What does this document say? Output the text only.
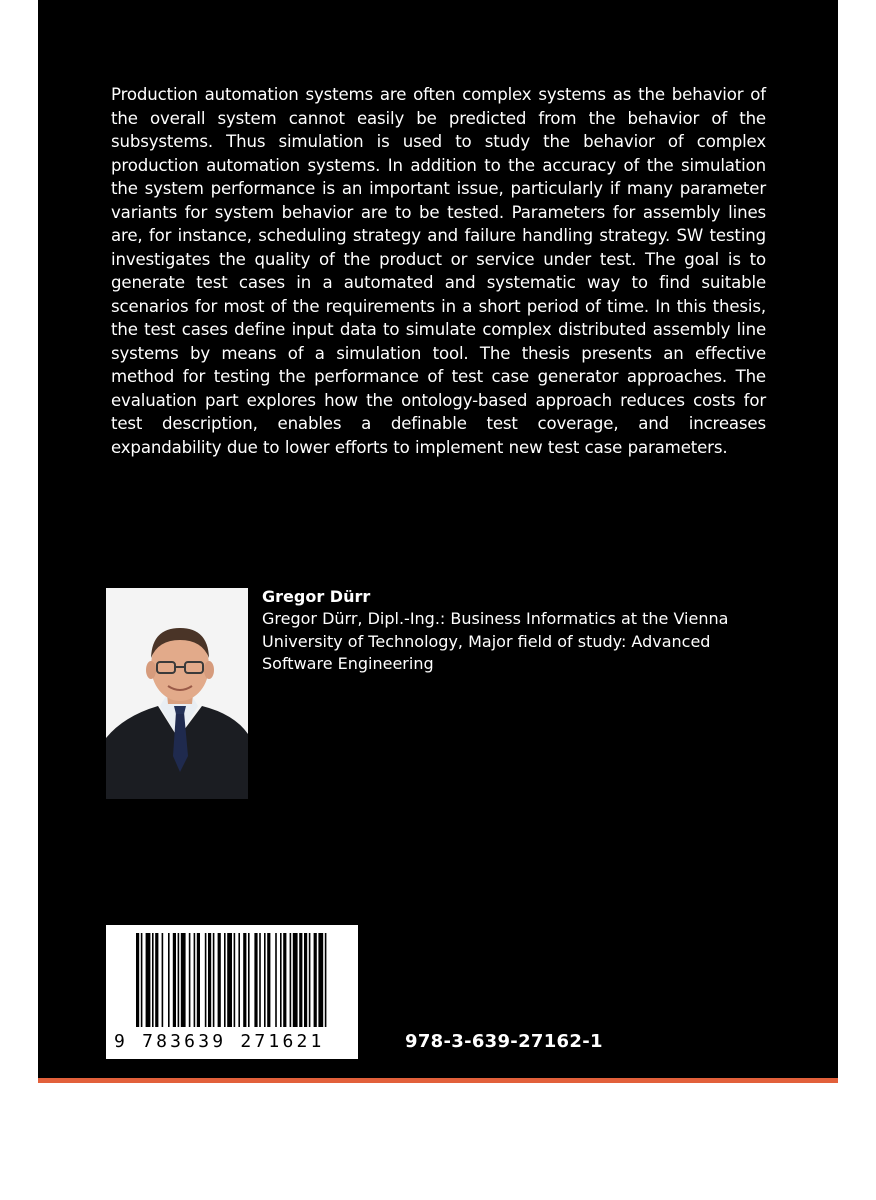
Production automation systems are often complex systems as the behavior of the overall system cannot easily be predicted from the behavior of the subsystems. Thus simulation is used to study the behavior of complex production automation systems. In addition to the accuracy of the simulation the system performance is an important issue, particularly if many parameter variants for system behavior are to be tested. Parameters for assembly lines are, for instance, scheduling strategy and failure handling strategy. SW testing investigates the quality of the product or service under test. The goal is to generate test cases in a automated and systematic way to find suitable scenarios for most of the requirements in a short period of time. In this thesis, the test cases define input data to simulate complex distributed assembly line systems by means of a simulation tool. The thesis presents an effective method for testing the performance of test case generator approaches. The evaluation part explores how the ontology-based approach reduces costs for test description, enables a definable test coverage, and increases expandability due to lower efforts to implement new test case parameters.

Gregor Dürr

Gregor Dürr, Dipl.-Ing.: Business Informatics at the Vienna University of Technology, Major field of study: Advanced Software Engineering

9 783639 271621	978-3-639-27162-1
